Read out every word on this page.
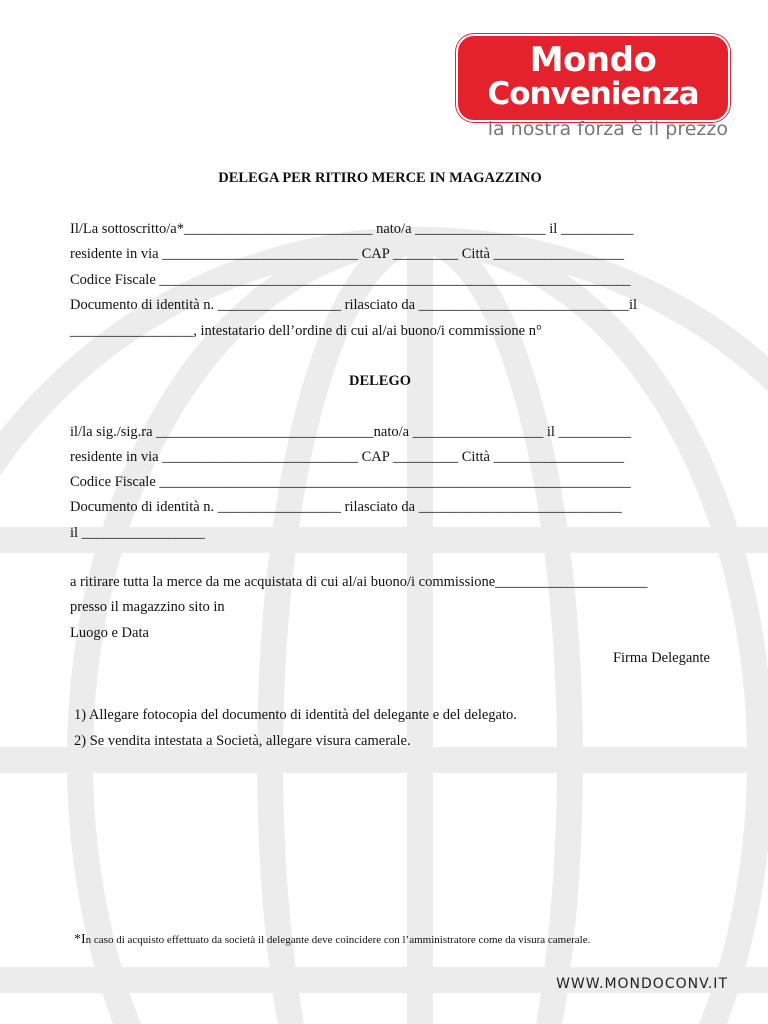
Mondo
Convenienza
la nostra forza è il prezzo
DELEGA PER RITIRO MERCE IN MAGAZZINO
Il/La sottoscritto/a*__________________________ nato/a __________________ il __________
residente in via ___________________________ CAP _________ Città __________________
Codice Fiscale _________________________________________________________________
Documento di identità n. _________________ rilasciato da _____________________________il
_________________, intestatario dell’ordine di cui al/ai buono/i commissione n°
DELEGO
il/la sig./sig.ra ______________________________nato/a __________________ il __________
residente in via ___________________________ CAP _________ Città __________________
Codice Fiscale _________________________________________________________________
Documento di identità n. _________________ rilasciato da ____________________________
il _________________
a ritirare tutta la merce da me acquistata di cui al/ai buono/i commissione_____________________
presso il magazzino sito in
Luogo e Data
Firma Delegante
1) Allegare fotocopia del documento di identità del delegante e del delegato.
2) Se vendita intestata a Società, allegare visura camerale.
*In caso di acquisto effettuato da società il delegante deve coincidere con l’amministratore come da visura camerale.
WWW.MONDOCONV.IT
